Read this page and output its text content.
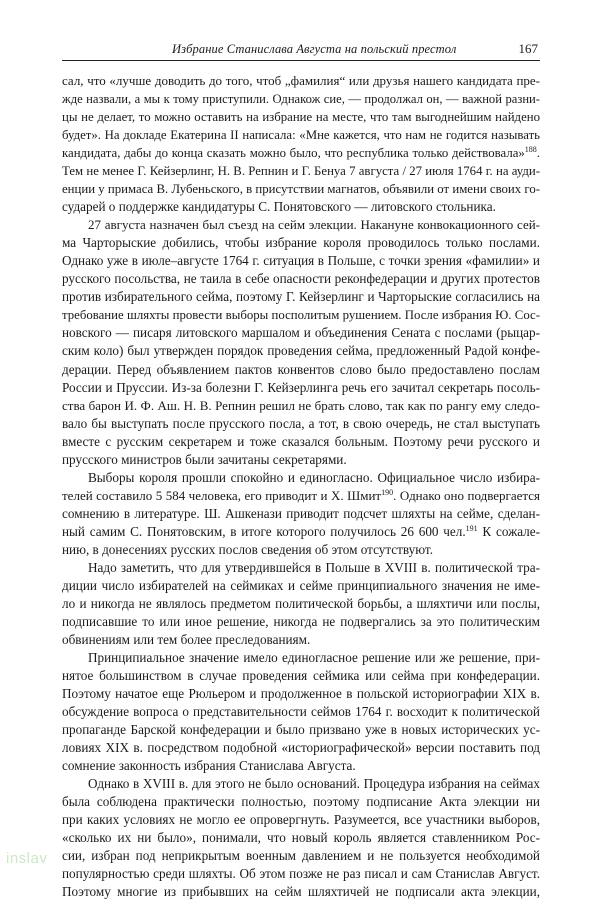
Избрание Станислава Августа на польский престол	167
сал, что «лучше доводить до того, чтоб „фамилия“ или друзья нашего кандидата пре-
жде назвали, а мы к тому приступили. Однакож сие, –– продолжал он, — важной разни-
цы не делает, то можно оставить на избрание на месте, что там выгоднейшим найдено
будет». На докладе Екатерина II написала: «Мне кажется, что нам не годится называть
кандидата, дабы до конца сказать можно было, что республика только действовала»$^{188}$.
Тем не менее Г. Кейзерлинг, Н. В. Репнин и Г. Бенуа 7 августа / 27 июля 1764 г. на ауди-
енции у примаса В. Лубеньского, в присутствии магнатов, объявили от имени своих го-
сударей о поддержке кандидатуры С. Понятовского — литовского стольника.
27 августа назначен был съезд на сейм элекции. Накануне конвокационного сей-
ма Чарторыские добились, чтобы избрание короля проводилось только послами.
Однако уже в июле–августе 1764 г. ситуация в Польше, с точки зрения «фамилии» и
русского посольства, не таила в себе опасности реконфедерации и других протестов
против избирательного сейма, поэтому Г. Кейзерлинг и Чарторыские согласились на
требование шляхты провести выборы посполитым рушением. После избрания Ю. Сос-
новского — писаря литовского маршалом и объединения Сената с послами (рыцар-
ским коло) был утвержден порядок проведения сейма, предложенный Радой конфе-
дерации. Перед объявлением пактов конвентов слово было предоставлено послам
России и Пруссии. Из-за болезни Г. Кейзерлинга речь его зачитал секретарь посоль-
ства барон И. Ф. Аш. Н. В. Репнин решил не брать слово, так как по рангу ему следо-
вало бы выступать после прусского посла, а тот, в свою очередь, не стал выступать
вместе с русским секретарем и тоже сказался больным. Поэтому речи русского и
прусского министров были зачитаны секретарями.
Выборы короля прошли спокойно и единогласно. Официальное число избира-
телей составило 5 584 человека, его приводит и Х. Шмит$^{190}$. Однако оно подвергается
сомнению в литературе. Ш. Ашкенази приводит подсчет шляхты на сейме, сделан-
ный самим С. Понятовским, в итоге которого получилось 26 600 чел.$^{191}$ К сожале-
нию, в донесениях русских послов сведения об этом отсутствуют.
Надо заметить, что для утвердившейся в Польше в XVIII в. политической тра-
диции число избирателей на сеймиках и сейме принципиального значения не име-
ло и никогда не являлось предметом политической борьбы, а шляхтичи или послы,
подписавшие то или иное решение, никогда не подвергались за это политическим
обвинениям или тем более преследованиям.
Принципиальное значение имело единогласное решение или же решение, при-
нятое большинством в случае проведения сеймика или сейма при конфедерации.
Поэтому начатое еще Рюльером и продолженное в польской историографии XIX в.
обсуждение вопроса о представительности сеймов 1764 г. восходит к политической
пропаганде Барской конфедерации и было призвано уже в новых исторических ус-
ловиях XIX в. посредством подобной «историографической» версии поставить под
сомнение законность избрания Станислава Августа.
Однако в XVIII в. для этого не было оснований. Процедура избрания на сеймах
была соблюдена практически полностью, поэтому подписание Акта элекции ни
при каких условиях не могло ее опровергнуть. Разумеется, все участники выборов,
«сколько их ни было», понимали, что новый король является ставленником Рос-
сии, избран под неприкрытым военным давлением и не пользуется необходимой
популярностью среди шляхты. Об этом позже не раз писал и сам Станислав Август.
Поэтому многие из прибывших на сейм шляхтичей не подписали акта элекции,
inslav
